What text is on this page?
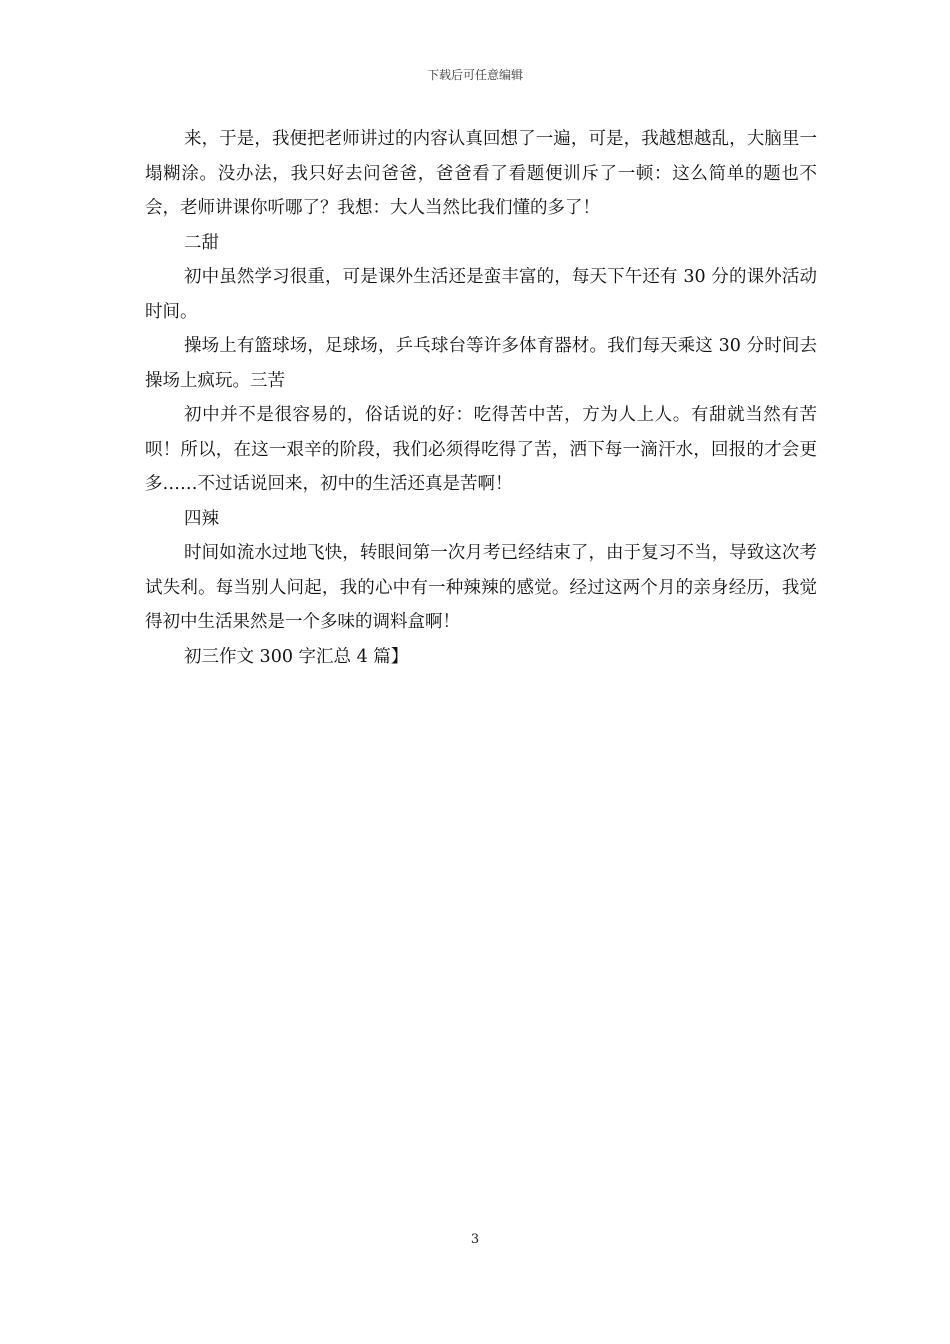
下载后可任意编辑

来，于是，我便把老师讲过的内容认真回想了一遍，可是，我越想越乱，大脑里一塌糊涂。没办法，我只好去问爸爸，爸爸看了看题便训斥了一顿：这么简单的题也不会，老师讲课你听哪了？我想：大人当然比我们懂的多了！

二甜

初中虽然学习很重，可是课外生活还是蛮丰富的，每天下午还有 30 分的课外活动时间。

操场上有篮球场，足球场，乒乓球台等许多体育器材。我们每天乘这 30 分时间去操场上疯玩。三苦

初中并不是很容易的，俗话说的好：吃得苦中苦，方为人上人。有甜就当然有苦呗！所以，在这一艰辛的阶段，我们必须得吃得了苦，洒下每一滴汗水，回报的才会更多……不过话说回来，初中的生活还真是苦啊！

四辣

时间如流水过地飞快，转眼间第一次月考已经结束了，由于复习不当，导致这次考试失利。每当别人问起，我的心中有一种辣辣的感觉。经过这两个月的亲身经历，我觉得初中生活果然是一个多味的调料盒啊！

初三作文 300 字汇总 4 篇】

3
